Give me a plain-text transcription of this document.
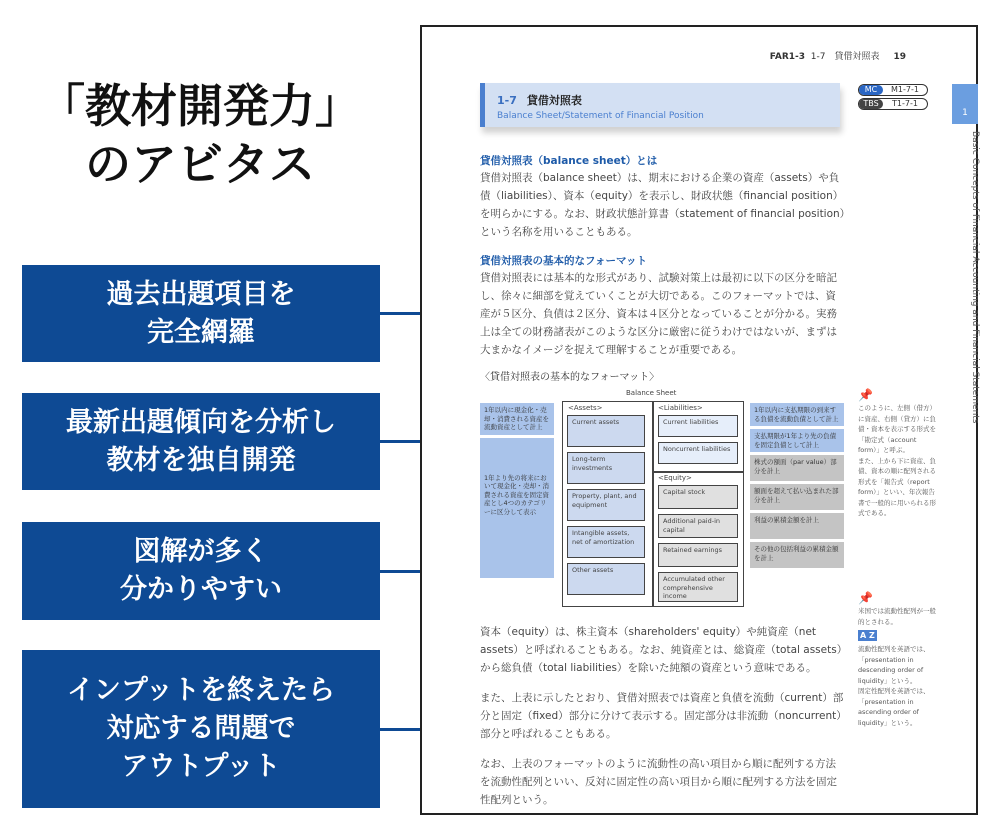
「教材開発力」
のアビタス
過去出題項目を
完全網羅
最新出題傾向を分析し
教材を独自開発
図解が多く
分かりやすい
インプットを終えたら
対応する問題で
アウトプット
FAR1-3 1-7　貸借対照表 19
1-7 貸借対照表
Balance Sheet/Statement of Financial Position
MC	M1-7-1
TBS	T1-7-1
1
Basic Concepts of Financial Accounting and Financial Statements
貸借対照表（balance sheet）とは
貸借対照表（balance sheet）は、期末における企業の資産（assets）や負債（liabilities）、資本（equity）を表示し、財政状態（financial position）を明らかにする。なお、財政状態計算書（statement of financial position）という名称を用いることもある。
貸借対照表の基本的なフォーマット
貸借対照表には基本的な形式があり、試験対策上は最初に以下の区分を暗記し、徐々に細部を覚えていくことが大切である。このフォーマットでは、資産が５区分、負債は２区分、資本は４区分となっていることが分かる。実務上は全ての財務諸表がこのような区分に厳密に従うわけではないが、まずは大まかなイメージを捉えて理解することが重要である。
〈貸借対照表の基本的なフォーマット〉
Balance Sheet
<Assets>	<Liabilities>
<Equity>
Current assets
Long-term investments
Property, plant, and equipment
Intangible assets, net of amortization
Other assets
Current liabilities
Noncurrent liabilities
Capital stock
Additional paid-in capital
Retained earnings
Accumulated other comprehensive income
1年以内に現金化・売却・消費される資産を流動資産として計上
1年より先の将来において現金化・売却・消費される資産を固定資産とし4つのカテゴリーに区分して表示
1年以内に支払期限の到来する負債を流動負債として計上
支払期限が1年より先の負債を固定負債として計上
株式の額面（par value）部分を計上
額面を超えて払い込まれた部分を計上
利益の累積金額を計上
その他の包括利益の累積金額を計上
資本（equity）は、株主資本（shareholders' equity）や純資産（net assets）と呼ばれることもある。なお、純資産とは、総資産（total assets）から総負債（total liabilities）を除いた純額の資産という意味である。
また、上表に示したとおり、貸借対照表では資産と負債を流動（current）部分と固定（fixed）部分に分けて表示する。固定部分は非流動（noncurrent）部分と呼ばれることもある。
なお、上表のフォーマットのように流動性の高い項目から順に配列する方法を流動性配列といい、反対に固定性の高い項目から順に配列する方法を固定性配列という。
📌
このように、左側（借方）に資産、右側（貸方）に負債・資本を表示する形式を「勘定式（account form）」と呼ぶ。
また、上から下に資産、負債、資本の順に配列される形式を「報告式（report form）」といい、年次報告書で一般的に用いられる形式である。
📌
米国では流動性配列が一般的とされる。
A Z
流動性配列を英語では、「presentation in descending order of liquidity」という。
固定性配列を英語では、「presentation in ascending order of liquidity」という。
